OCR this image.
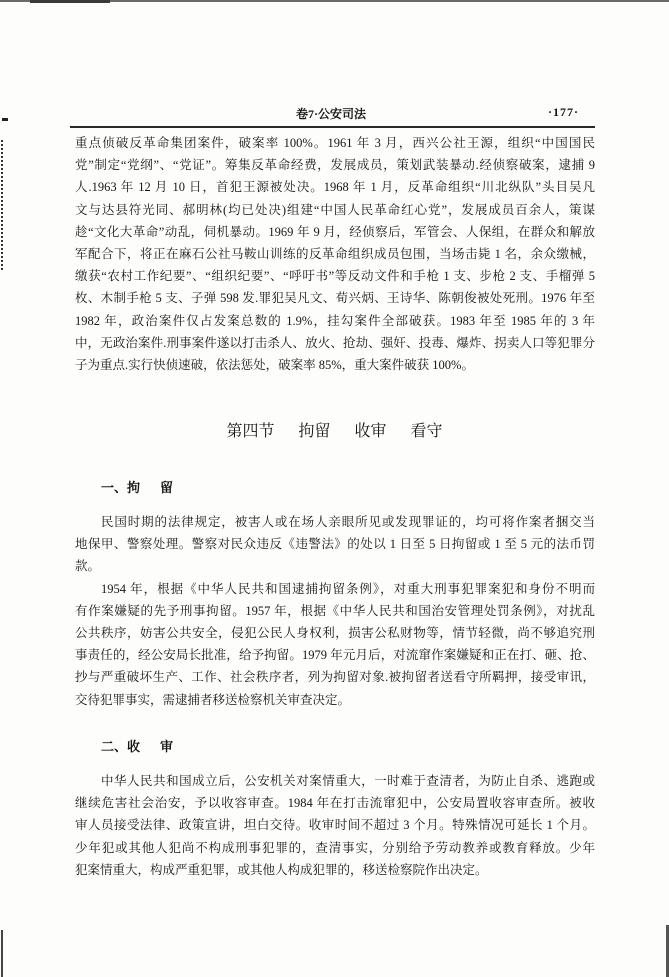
卷7·公安司法	·177·
重点侦破反革命集团案件，破案率 100%。1961 年 3 月，西兴公社王源，组织“中国国民
党”制定“党纲”、“党证”。筹集反革命经费，发展成员，策划武装暴动.经侦察破案，逮捕 9
人.1963 年 12 月 10 日，首犯王源被处决。1968 年 1 月，反革命组织“川北纵队”头目吴凡
文与达县符光同、郝明林(均已处决)组建“中国人民革命红心党”，发展成员百余人，策谋
趁“文化大革命”动乱，伺机暴动。1969 年 9 月，经侦察后，军管会、人保组，在群众和解放
军配合下，将正在麻石公社马鞍山训练的反革命组织成员包围，当场击毙 1 名，余众缴械，
缴获“农村工作纪要”、“组织纪要”、“呼吁书”等反动文件和手枪 1 支、步枪 2 支、手榴弹 5
枚、木制手枪 5 支、子弹 598 发.罪犯吴凡文、荀兴炳、王诗华、陈朝俊被处死刑。1976 年至
1982 年，政治案件仅占发案总数的 1.9%，挂勾案件全部破获。1983 年至 1985 年的 3 年
中，无政治案件.刑事案件遂以打击杀人、放火、抢劫、强奸、投毒、爆炸、拐卖人口等犯罪分
子为重点.实行快侦速破，依法惩处，破案率 85%，重大案件破获 100%。
第四节 拘留 收审 看守
一、拘 留
民国时期的法律规定，被害人或在场人亲眼所见或发现罪证的，均可将作案者捆交当
地保甲、警察处理。警察对民众违反《违警法》的处以 1 日至 5 日拘留或 1 至 5 元的法币罚
款。
1954 年，根据《中华人民共和国逮捕拘留条例》，对重大刑事犯罪案犯和身份不明而
有作案嫌疑的先予刑事拘留。1957 年，根据《中华人民共和国治安管理处罚条例》，对扰乱
公共秩序，妨害公共安全，侵犯公民人身权利，损害公私财物等，情节轻微，尚不够追究刑
事责任的，经公安局长批准，给予拘留。1979 年元月后，对流窜作案嫌疑和正在打、砸、抢、
抄与严重破坏生产、工作、社会秩序者，列为拘留对象.被拘留者送看守所羁押，接受审讯，
交待犯罪事实，需逮捕者移送检察机关审查决定。
二、收 审
中华人民共和国成立后，公安机关对案情重大，一时难于查清者，为防止自杀、逃跑或
继续危害社会治安，予以收容审查。1984 年在打击流窜犯中，公安局置收容审查所。被收
审人员接受法律、政策宣讲，坦白交待。收审时间不超过 3 个月。特殊情况可延长 1 个月。
少年犯或其他人犯尚不构成刑事犯罪的，查清事实，分别给予劳动教养或教育释放。少年
犯案情重大，构成严重犯罪，或其他人构成犯罪的，移送检察院作出决定。
